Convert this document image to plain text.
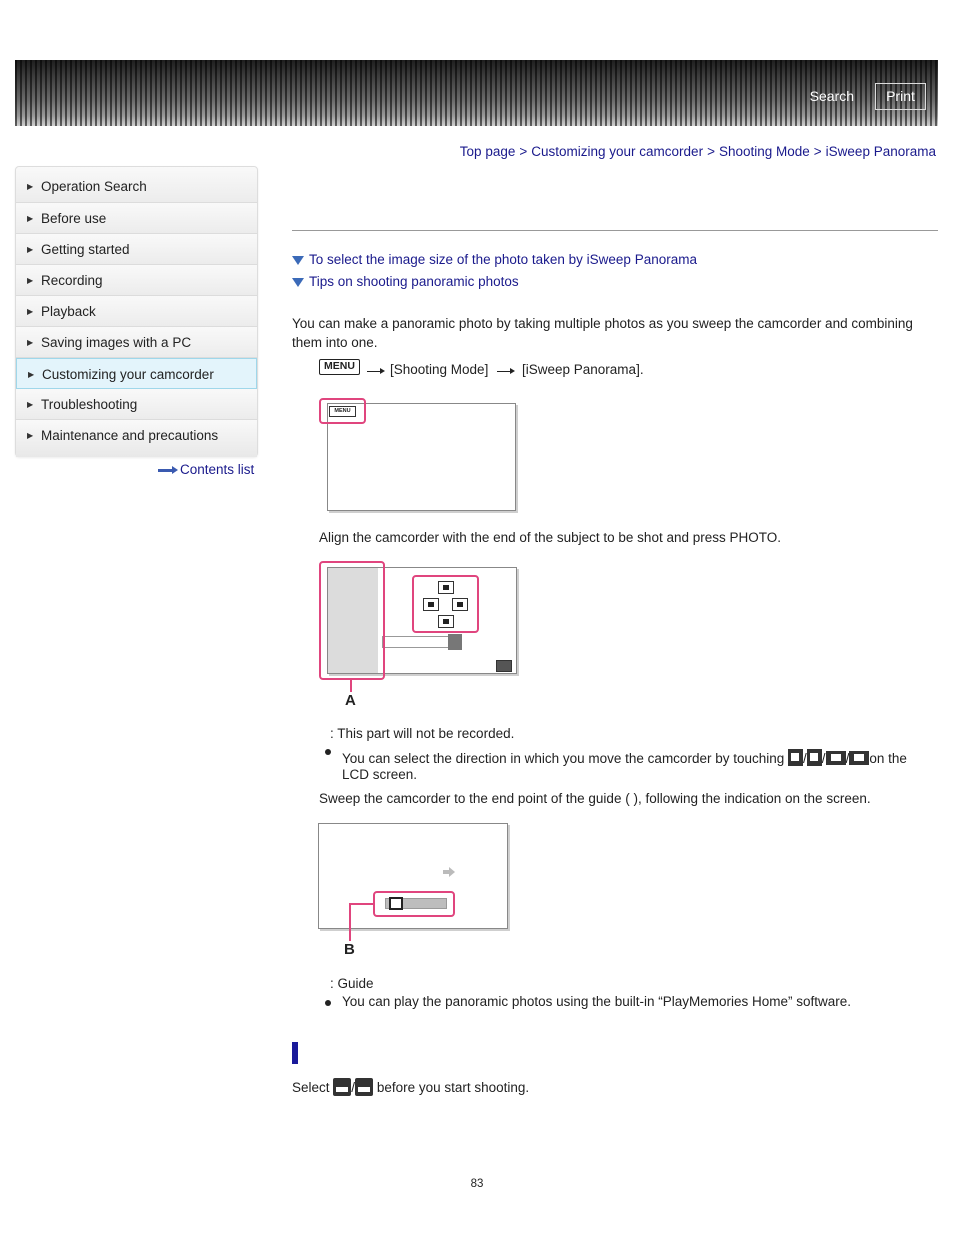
Search	Print
Top page > Customizing your camcorder > Shooting Mode > iSweep Panorama
▶ Operation Search
▶ Before use
▶ Getting started
▶ Recording
▶ Playback
▶ Saving images with a PC
▶ Customizing your camcorder
▶ Troubleshooting
▶ Maintenance and precautions
Contents list
To select the image size of the photo taken by iSweep Panorama
Tips on shooting panoramic photos
You can make a panoramic photo by taking multiple photos as you sweep the camcorder and combining them into one.
MENU	[Shooting Mode] [iSweep Panorama].
MENU
Align the camcorder with the end of the subject to be shot and press PHOTO.
A
: This part will not be recorded.
You can select the direction in which you move the camcorder by touching / / / on the
LCD screen.
Sweep the camcorder to the end point of the guide ( ), following the indication on the screen.
B
: Guide
You can play the panoramic photos using the built-in “PlayMemories Home” software.
Select / before you start shooting.
83
